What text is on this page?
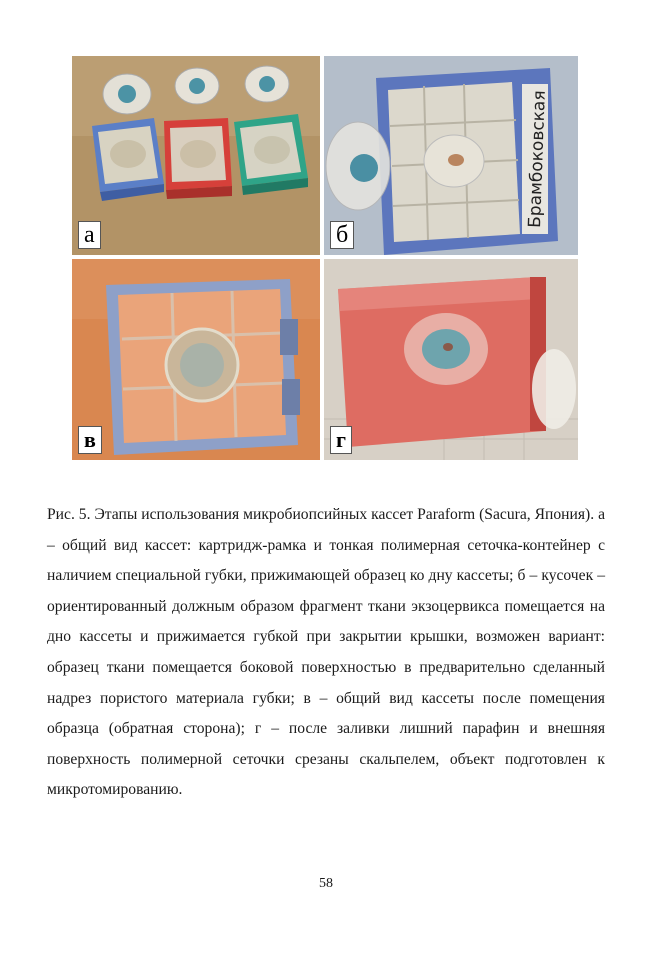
а
Брамбоковская
б
в	г

Рис. 5. Этапы использования микробиопсийных кассет Paraform (Sacura, Япония). а – общий вид кассет: картридж-рамка и тонкая полимерная сеточка-контейнер с наличием специальной губки, прижимающей образец ко дну кассеты; б – кусочек – ориентированный должным образом фрагмент ткани экзоцервикса помещается на дно кассеты и прижимается губкой при закрытии крышки, возможен вариант: образец ткани помещается боковой поверхностью в предварительно сделанный надрез пористого материала губки; в – общий вид кассеты после помещения образца (обратная сторона); г – после заливки лишний парафин и внешняя поверхность полимерной сеточки срезаны скальпелем, объект подготовлен к микротомированию.

58
